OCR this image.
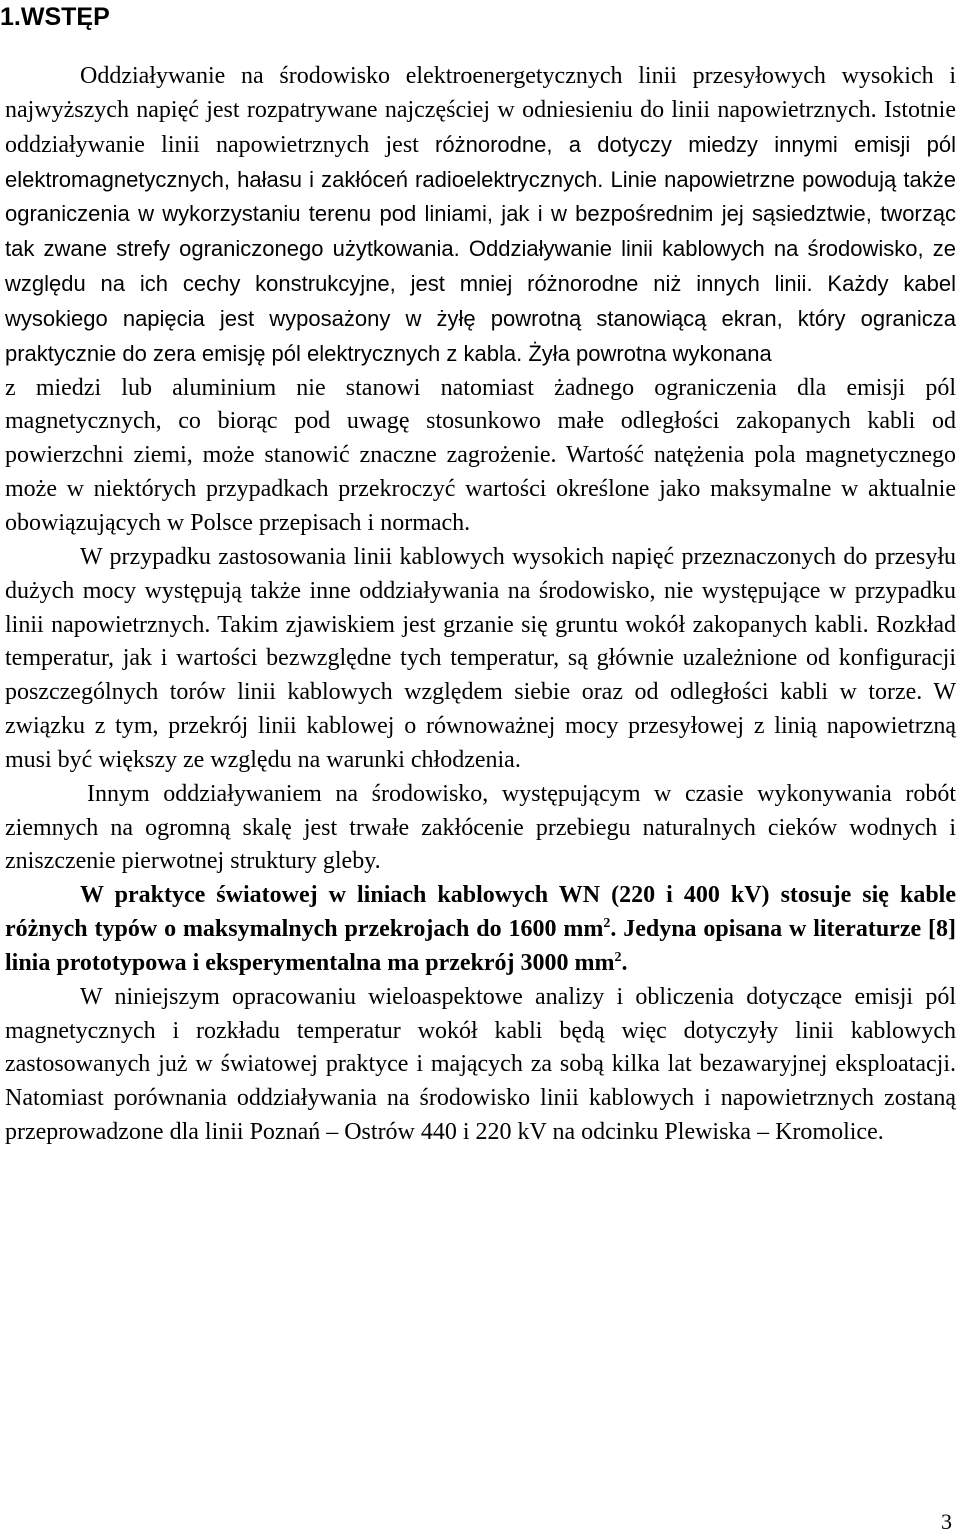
1.WSTĘP

Oddziaływanie na środowisko elektroenergetycznych linii przesyłowych wysokich i najwyższych napięć jest rozpatrywane najczęściej w odniesieniu do linii napowietrznych. Istotnie oddziaływanie linii napowietrznych jest różnorodne, a dotyczy miedzy innymi emisji pól elektromagnetycznych, hałasu i zakłóceń radioelektrycznych. Linie napowietrzne powodują także ograniczenia w wykorzystaniu terenu pod liniami, jak i w bezpośrednim jej sąsiedztwie, tworząc tak zwane strefy ograniczonego użytkowania. Oddziaływanie linii kablowych na środowisko, ze względu na ich cechy konstrukcyjne, jest mniej różnorodne niż innych linii. Każdy kabel wysokiego napięcia jest wyposażony w żyłę powrotną stanowiącą ekran, który ogranicza praktycznie do zera emisję pól elektrycznych z kabla. Żyła powrotna wykonana

z miedzi lub aluminium nie stanowi natomiast żadnego ograniczenia dla emisji pól magnetycznych, co biorąc pod uwagę stosunkowo małe odległości zakopanych kabli od powierzchni ziemi, może stanowić znaczne zagrożenie. Wartość natężenia pola magnetycznego może w niektórych przypadkach przekroczyć wartości określone jako maksymalne w aktualnie obowiązujących w Polsce przepisach i normach.

W przypadku zastosowania linii kablowych wysokich napięć przeznaczonych do przesyłu dużych mocy występują także inne oddziaływania na środowisko, nie występujące w przypadku linii napowietrznych. Takim zjawiskiem jest grzanie się gruntu wokół zakopanych kabli. Rozkład temperatur, jak i wartości bezwzględne tych temperatur, są głównie uzależnione od konfiguracji poszczególnych torów linii kablowych względem siebie oraz od odległości kabli w torze. W związku z tym, przekrój linii kablowej o równoważnej mocy przesyłowej z linią napowietrzną musi być większy ze względu na warunki chłodzenia.

Innym oddziaływaniem na środowisko, występującym w czasie wykonywania robót ziemnych na ogromną skalę jest trwałe zakłócenie przebiegu naturalnych cieków wodnych i zniszczenie pierwotnej struktury gleby.

W praktyce światowej w liniach kablowych WN (220 i 400 kV) stosuje się kable różnych typów o maksymalnych przekrojach do 1600 $mm^2$. Jedyna opisana w literaturze [8] linia prototypowa i eksperymentalna ma przekrój 3000 $mm^2$.

W niniejszym opracowaniu wieloaspektowe analizy i obliczenia dotyczące emisji pól magnetycznych i rozkładu temperatur wokół kabli będą więc dotyczyły linii kablowych zastosowanych już w światowej praktyce i mających za sobą kilka lat bezawaryjnej eksploatacji. Natomiast porównania oddziaływania na środowisko linii kablowych i napowietrznych zostaną przeprowadzone dla linii Poznań – Ostrów 440 i 220 kV na odcinku Plewiska – Kromolice.

3
